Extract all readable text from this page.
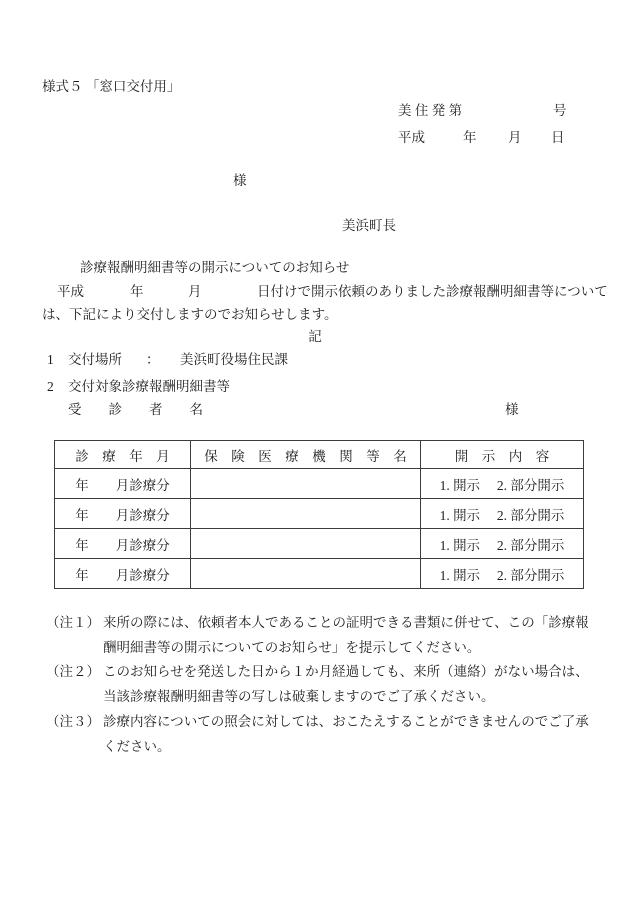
様式５ 「窓口交付用」
美 住 発 第	号
平成	年 月 日
様
美浜町長
診療報酬明細書等の開示についてのお知らせ
平成	年	月	日付けで開示依頼のありました診療報酬明細書等について
は、下記により交付しますのでお知らせします。
記
1 交付場所 ： 美浜町役場住民課
2 交付対象診療報酬明細書等
受　　診　　者　　名	様
診　療　年　月	保　険　医　療　機　関　等　名	開　示　内　容
年　　月診療分		1. 開示　 2. 部分開示
年　　月診療分		1. 開示　 2. 部分開示
年　　月診療分		1. 開示　 2. 部分開示
年　　月診療分		1. 開示　 2. 部分開示
（注１） 来所の際には、依頼者本人であることの証明できる書類に併せて、この「診療報
酬明細書等の開示についてのお知らせ」を提示してください。
（注２） このお知らせを発送した日から１か月経過しても、来所（連絡）がない場合は、
当該診療報酬明細書等の写しは破棄しますのでご了承ください。
（注３） 診療内容についての照会に対しては、おこたえすることができませんのでご了承
ください。
